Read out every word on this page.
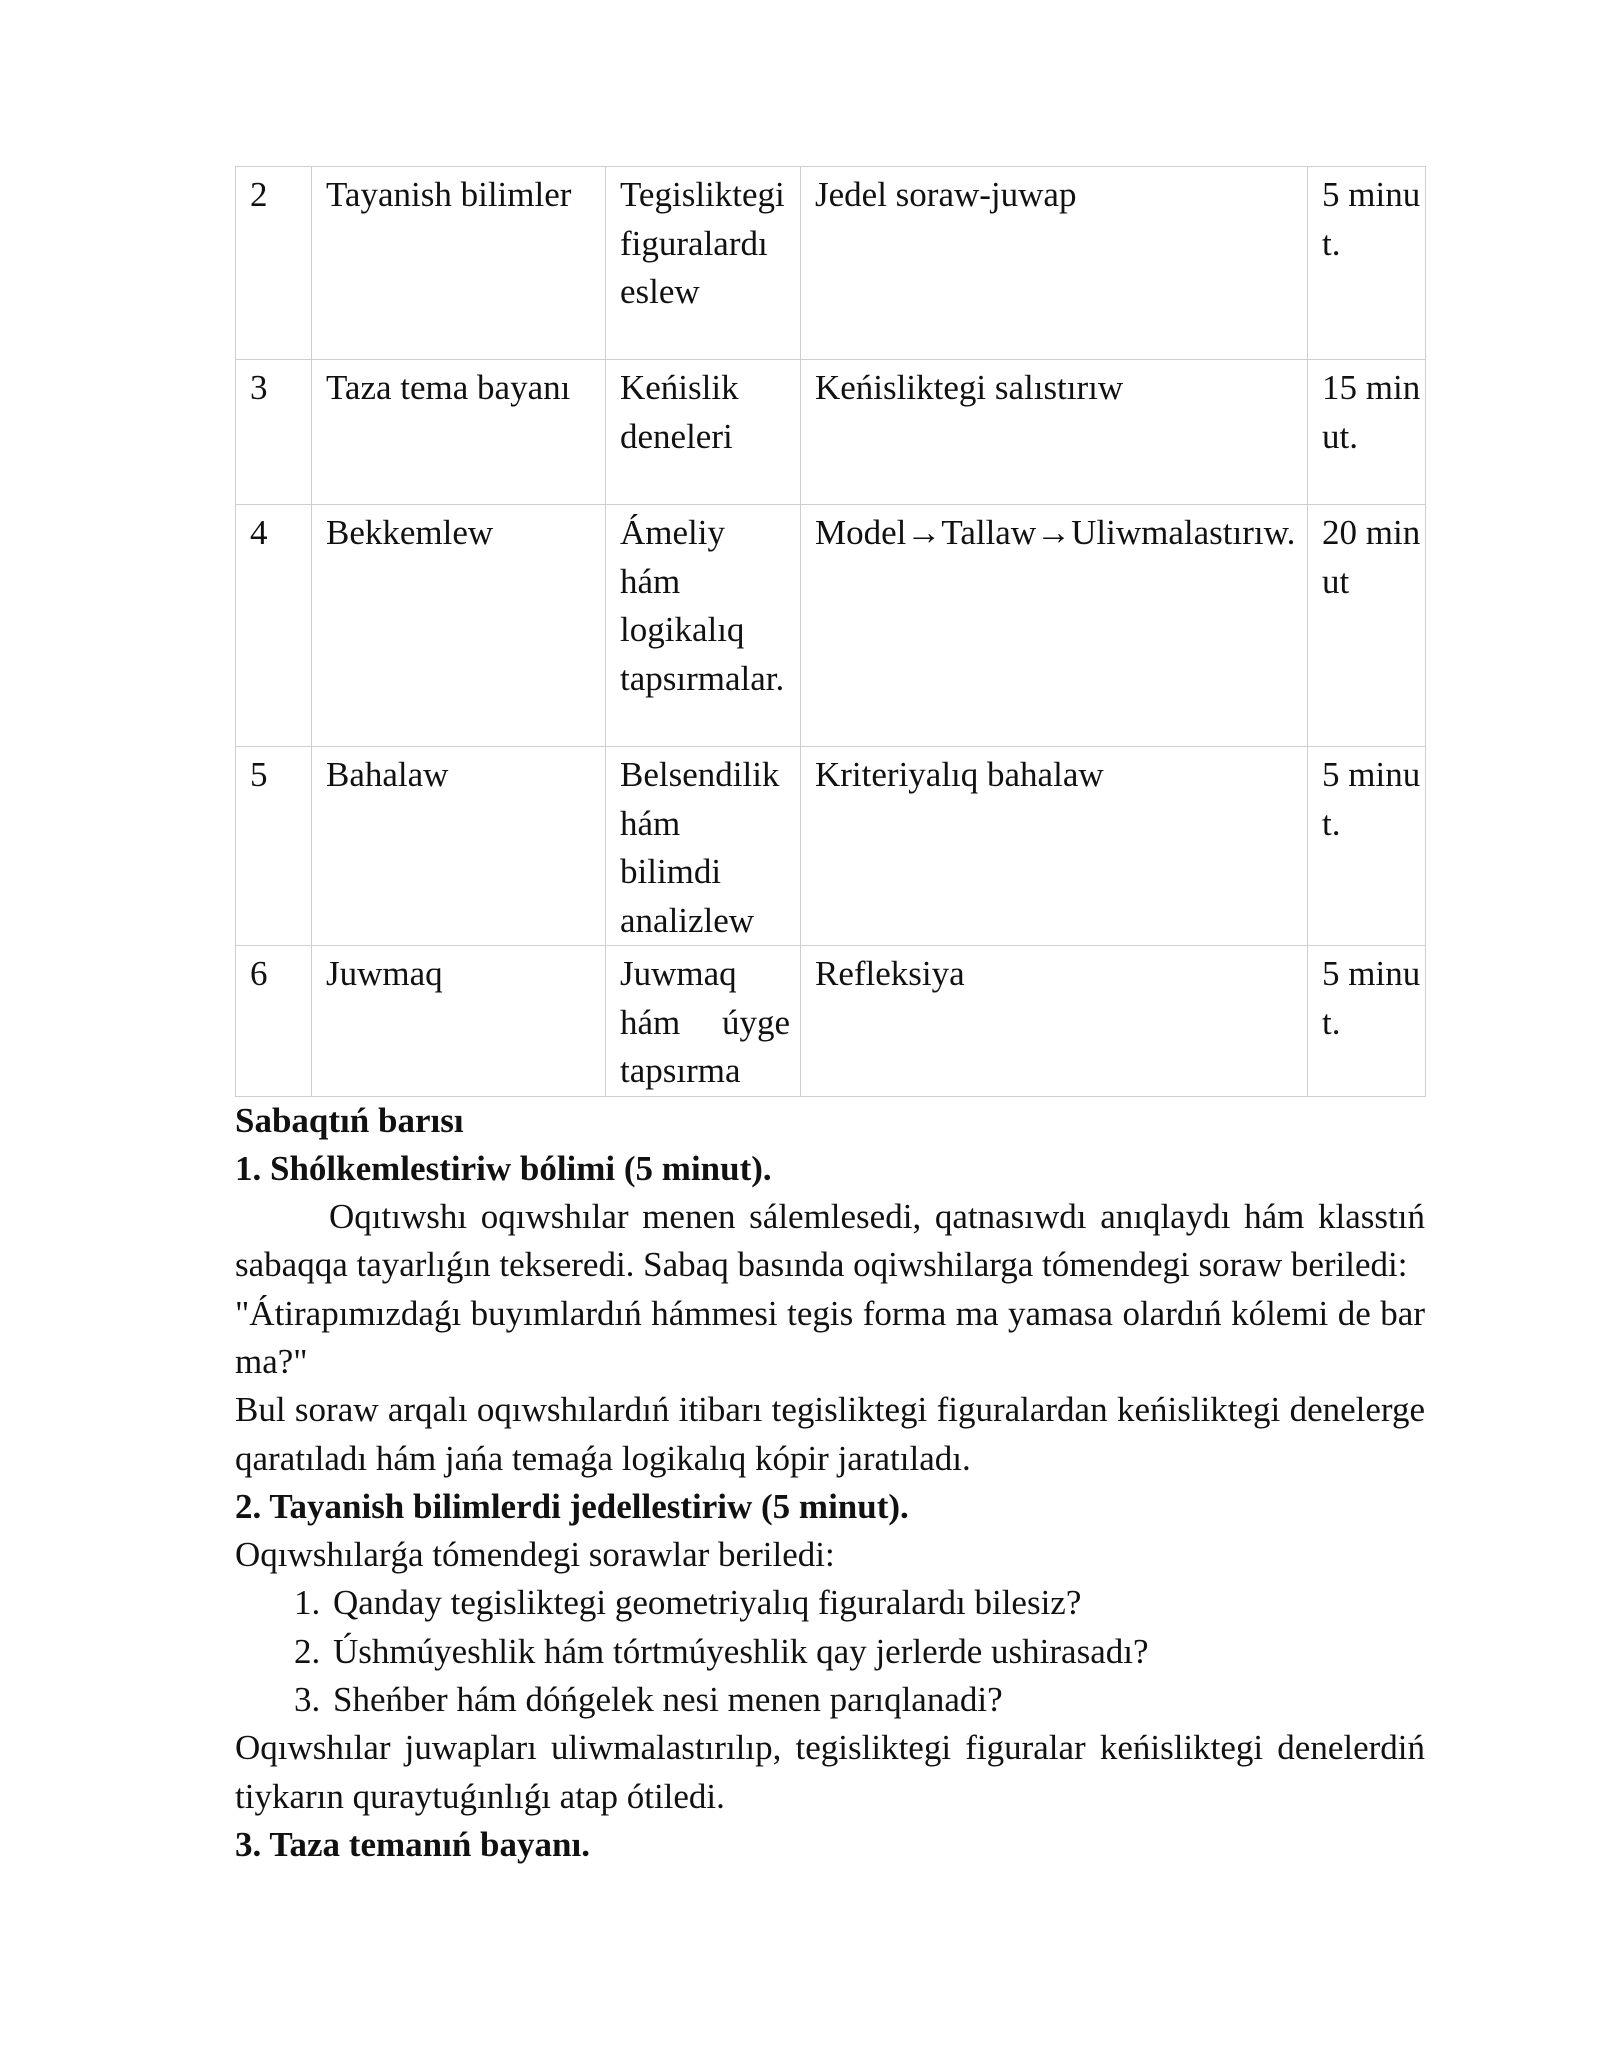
2	Tayanish bilimler	Tegisliktegi figuralardı eslew	Jedel soraw-juwap	5 minut.
3	Taza tema bayanı	Keńislik deneleri	Keńisliktegi salıstırıw	15 minut.
4	Bekkemlew	Ámeliy hám logikalıq tapsırmalar.	Model→Tallaw→Uliwmalastırıw.	20 minut
5	Bahalaw	Belsendilik hám bilimdi analizlew	Kriteriyalıq bahalaw	5 minut.
6	Juwmaq	Juwmaq hám úyge tapsırma	Refleksiya	5 minut.
Sabaqtıń barısı
1. Shólkemlestiriw bólimi (5 minut).

Oqıtıwshı oqıwshılar menen sálemlesedi, qatnasıwdı anıqlaydı hám klasstıń sabaqqa tayarlıǵın tekseredi. Sabaq basında oqiwshilarga tómendegi soraw beriledi:

"Átirapımızdaǵı buyımlardıń hámmesi tegis forma ma yamasa olardıń kólemi de bar ma?"

Bul soraw arqalı oqıwshılardıń itibarı tegisliktegi figuralardan keńisliktegi denelerge qaratıladı hám jańa temaǵa logikalıq kópir jaratıladı.

2. Tayanish bilimlerdi jedellestiriw (5 minut).
Oqıwshılarǵa tómendegi sorawlar beriledi:
1. Qanday tegisliktegi geometriyalıq figuralardı bilesiz?
2. Úshmúyeshlik hám tórtmúyeshlik qay jerlerde ushirasadı?
3. Sheńber hám dóńgelek nesi menen parıqlanadi?

Oqıwshılar juwapları uliwmalastırılıp, tegisliktegi figuralar keńisliktegi denelerdiń tiykarın quraytuǵınlıǵı atap ótiledi.

3. Taza temanıń bayanı.
